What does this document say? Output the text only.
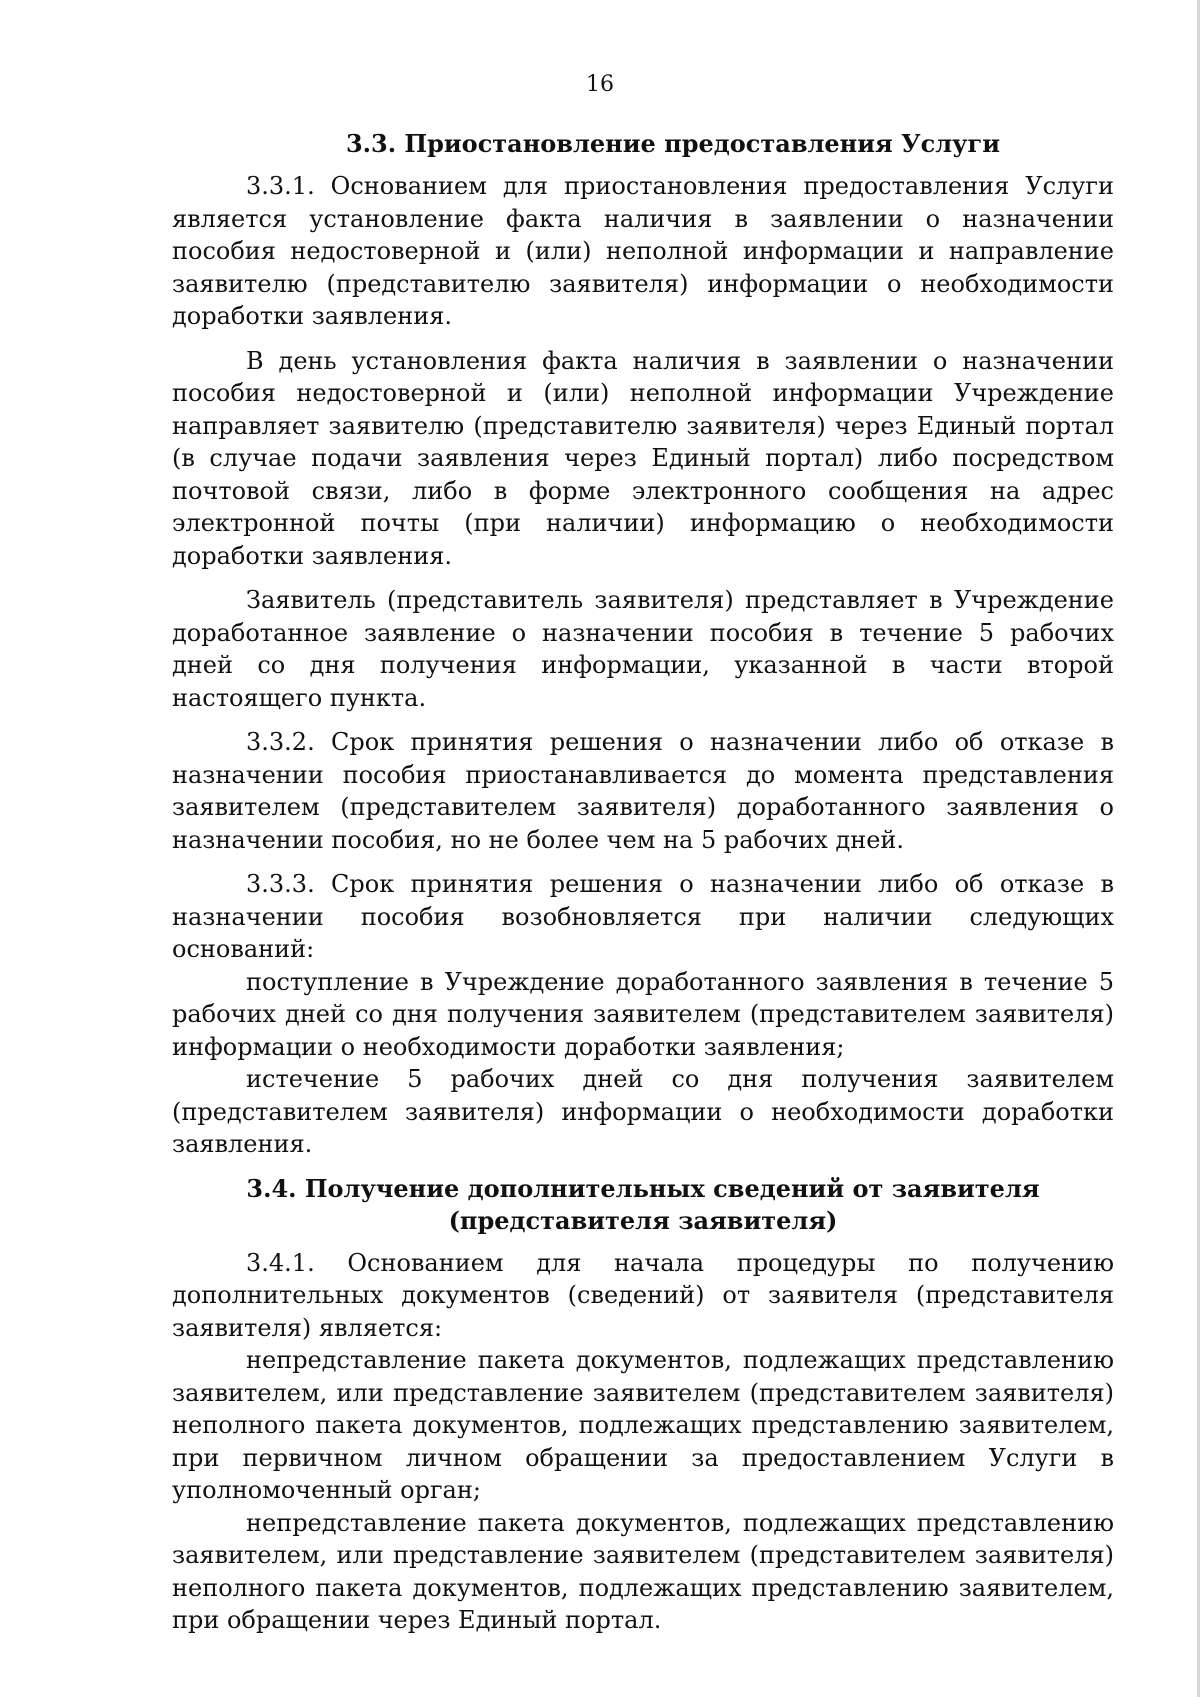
16
3.3. Приостановление предоставления Услуги

3.3.1. Основанием для приостановления предоставления Услуги является установление факта наличия в заявлении о назначении пособия недостоверной и (или) неполной информации и направление заявителю (представителю заявителя) информации о необходимости доработки заявления.

В день установления факта наличия в заявлении о назначении пособия недостоверной и (или) неполной информации Учреждение направляет заявителю (представителю заявителя) через Единый портал (в случае подачи заявления через Единый портал) либо посредством почтовой связи, либо в форме электронного сообщения на адрес электронной почты (при наличии) информацию о необходимости доработки заявления.

Заявитель (представитель заявителя) представляет в Учреждение доработанное заявление о назначении пособия в течение 5 рабочих дней со дня получения информации, указанной в части второй настоящего пункта.

3.3.2. Срок принятия решения о назначении либо об отказе в назначении пособия приостанавливается до момента представления заявителем (представителем заявителя) доработанного заявления о назначении пособия, но не более чем на 5 рабочих дней.

3.3.3. Срок принятия решения о назначении либо об отказе в назначении пособия возобновляется при наличии следующих оснований:

поступление в Учреждение доработанного заявления в течение 5 рабочих дней со дня получения заявителем (представителем заявителя) информации о необходимости доработки заявления;

истечение 5 рабочих дней со дня получения заявителем (представителем заявителя) информации о необходимости доработки заявления.

3.4. Получение дополнительных сведений от заявителя
(представителя заявителя)

3.4.1. Основанием для начала процедуры по получению дополнительных документов (сведений) от заявителя (представителя заявителя) является:

непредставление пакета документов, подлежащих представлению заявителем, или представление заявителем (представителем заявителя) неполного пакета документов, подлежащих представлению заявителем, при первичном личном обращении за предоставлением Услуги в уполномоченный орган;

непредставление пакета документов, подлежащих представлению заявителем, или представление заявителем (представителем заявителя) неполного пакета документов, подлежащих представлению заявителем, при обращении через Единый портал.
